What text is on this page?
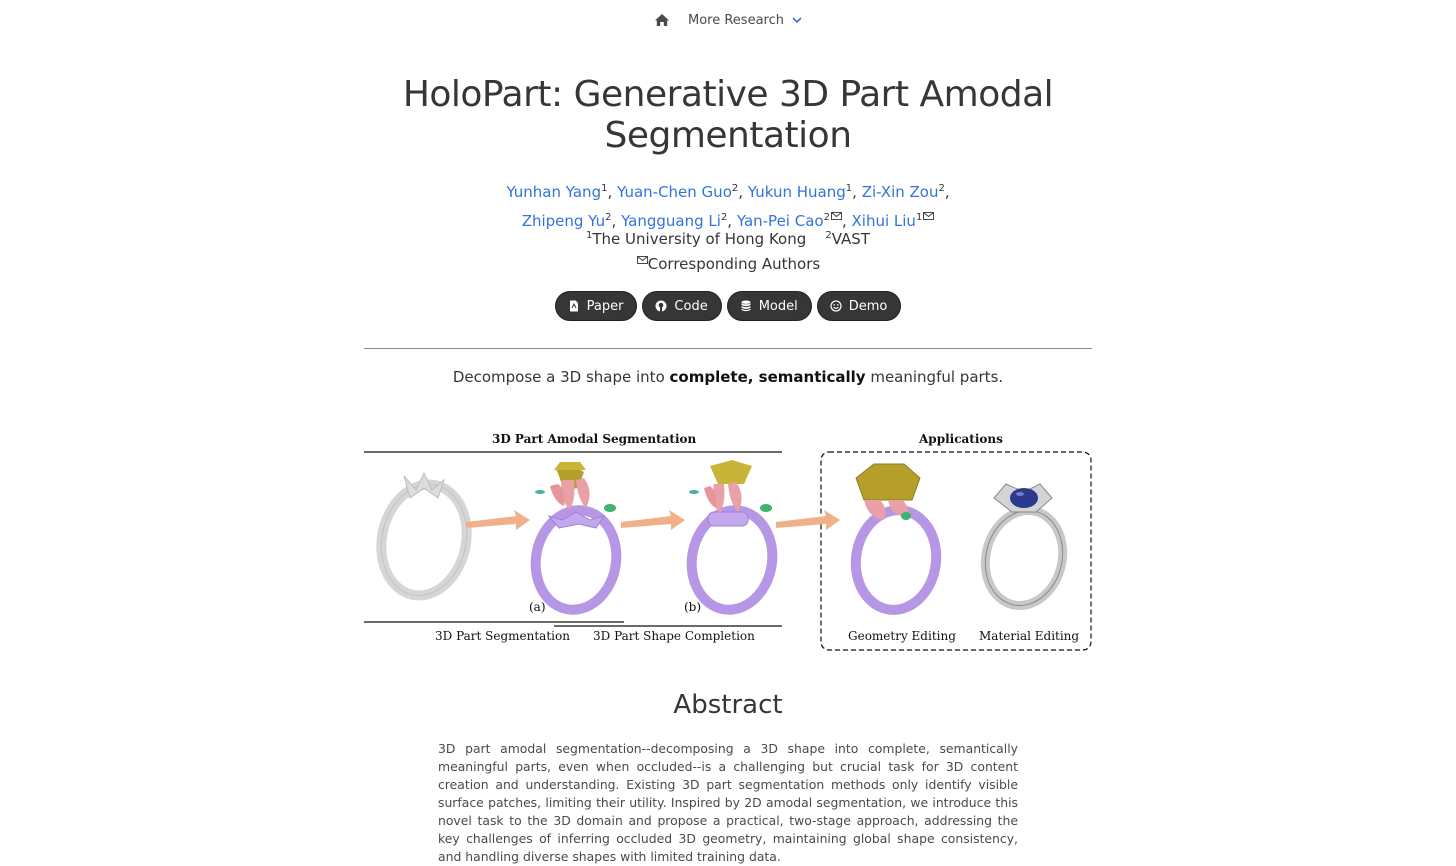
More Research
HoloPart: Generative 3D Part Amodal
Segmentation
Yunhan Yang$^1$, Yuan-Chen Guo$^2$, Yukun Huang$^1$, Zi-Xin Zou$^2$,
Zhipeng Yu$^2$, Yangguang Li$^2$, Yan-Pei Cao$^2$ , Xihui Liu$^1$
$^1$The University of Hong Kong $^2$VAST
Corresponding Authors
Paper	Code	Model	Demo
Decompose a 3D shape into complete, semantically meaningful parts.
3D Part Amodal Segmentation	Applications
(a)	(b)
3D Part Segmentation 3D Part Shape Completion	Geometry Editing Material Editing
Abstract

3D part amodal segmentation--decomposing a 3D shape into complete, semantically meaningful parts, even when occluded--is a challenging but crucial task for 3D content creation and understanding. Existing 3D part segmentation methods only identify visible surface patches, limiting their utility. Inspired by 2D amodal segmentation, we introduce this novel task to the 3D domain and propose a practical, two-stage approach, addressing the key challenges of inferring occluded 3D geometry, maintaining global shape consistency, and handling diverse shapes with limited training data.
